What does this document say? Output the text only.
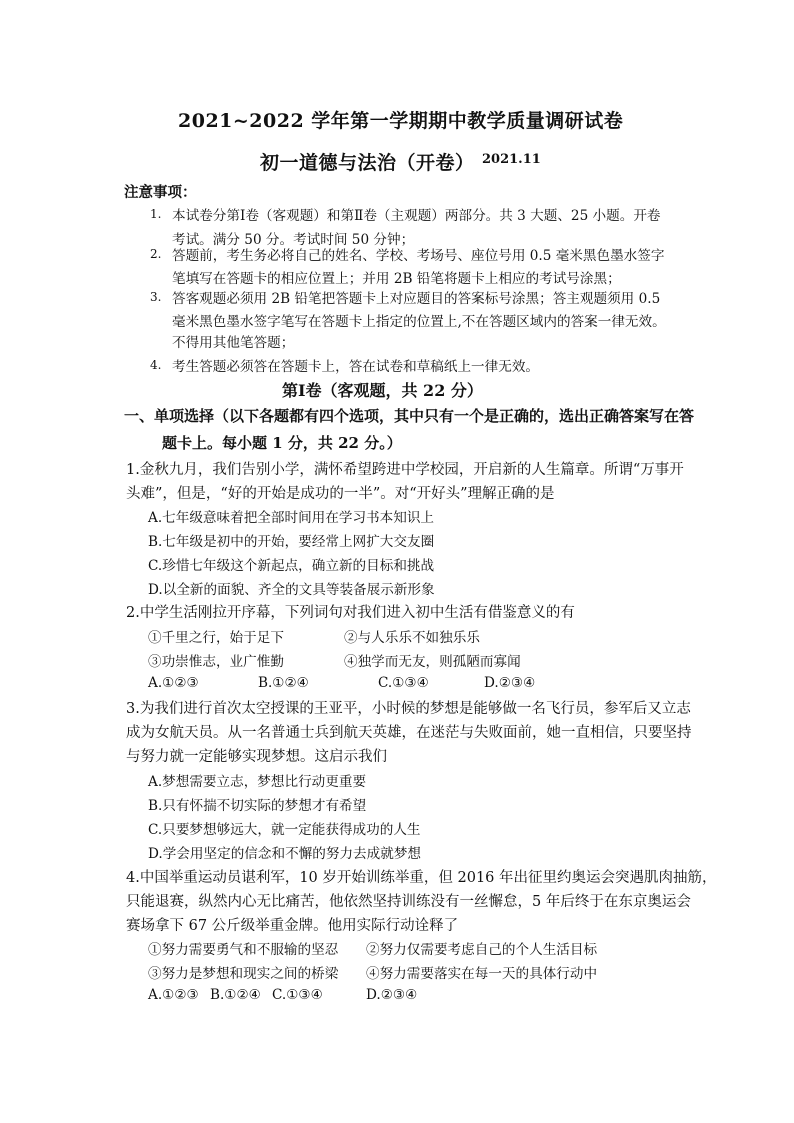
2021~2022 学年第一学期期中教学质量调研试卷
初一道德与法治（开卷） 2021.11
注意事项：
1. 本试卷分第Ⅰ卷（客观题）和第Ⅱ卷（主观题）两部分。共 3 大题、25 小题。开卷
考试。满分 50 分。考试时间 50 分钟；
2. 答题前，考生务必将自己的姓名、学校、考场号、座位号用 0.5 毫米黑色墨水签字
笔填写在答题卡的相应位置上；并用 2B 铅笔将题卡上相应的考试号涂黑；
3. 答客观题必须用 2B 铅笔把答题卡上对应题目的答案标号涂黑；答主观题须用 0.5
毫米黑色墨水签字笔写在答题卡上指定的位置上,不在答题区域内的答案一律无效。
不得用其他笔答题；
4. 考生答题必须答在答题卡上，答在试卷和草稿纸上一律无效。
第Ⅰ卷（客观题，共 22 分）
一、单项选择（以下各题都有四个选项，其中只有一个是正确的，选出正确答案写在答
题卡上。每小题 1 分，共 22 分。）
1.金秋九月，我们告别小学，满怀希望跨进中学校园，开启新的人生篇章。所谓“万事开
头难”，但是，“好的开始是成功的一半”。对“开好头”理解正确的是
A.七年级意味着把全部时间用在学习书本知识上
B.七年级是初中的开始，要经常上网扩大交友圈
C.珍惜七年级这个新起点，确立新的目标和挑战
D.以全新的面貌、齐全的文具等装备展示新形象
2.中学生活刚拉开序幕，下列词句对我们进入初中生活有借鉴意义的有
①千里之行，始于足下	②与人乐乐不如独乐乐
③功崇惟志，业广惟勤	④独学而无友，则孤陋而寡闻
A.①②③	B.①②④	C.①③④	D.②③④
3.为我们进行首次太空授课的王亚平，小时候的梦想是能够做一名飞行员，参军后又立志
成为女航天员。从一名普通士兵到航天英雄，在迷茫与失败面前，她一直相信，只要坚持
与努力就一定能够实现梦想。这启示我们
A.梦想需要立志，梦想比行动更重要
B.只有怀揣不切实际的梦想才有希望
C.只要梦想够远大，就一定能获得成功的人生
D.学会用坚定的信念和不懈的努力去成就梦想
4.中国举重运动员谌利军，10 岁开始训练举重，但 2016 年出征里约奥运会突遇肌肉抽筋，
只能退赛，纵然内心无比痛苦，他依然坚持训练没有一丝懈怠，5 年后终于在东京奥运会
赛场拿下 67 公斤级举重金牌。他用实际行动诠释了
①努力需要勇气和不服输的坚忍 ②努力仅需要考虑自己的个人生活目标
③努力是梦想和现实之间的桥梁 ④努力需要落实在每一天的具体行动中
A.①②③ B.①②④ C.①③④	D.②③④
